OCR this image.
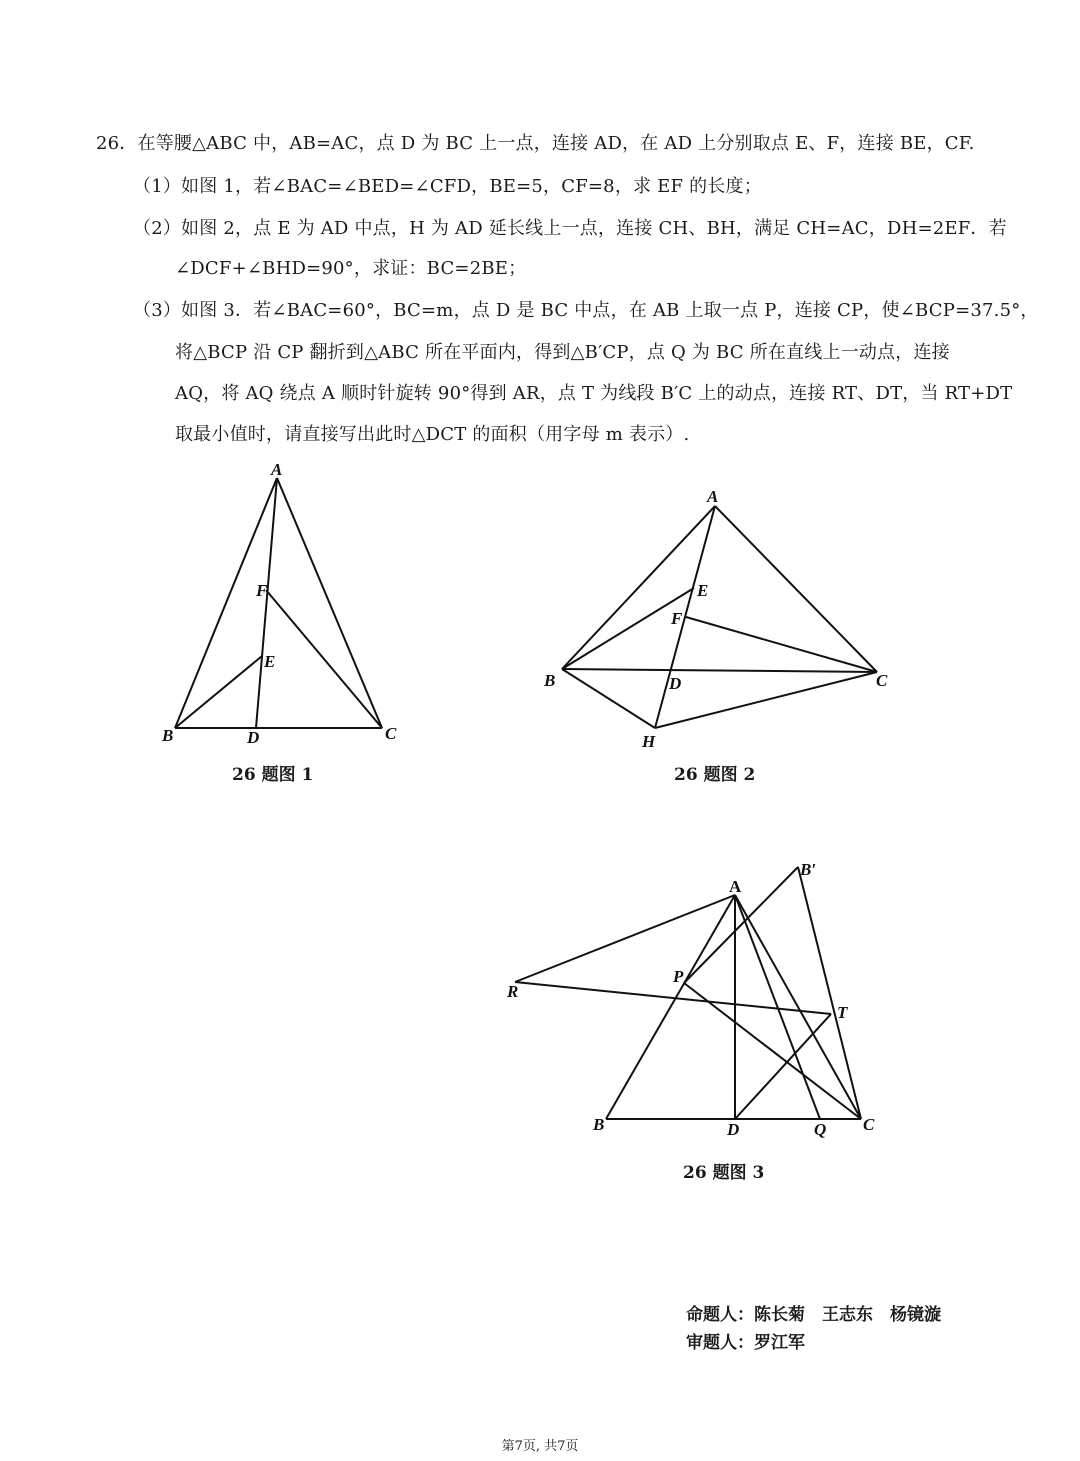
26．在等腰△ABC 中，AB=AC，点 D 为 BC 上一点，连接 AD，在 AD 上分别取点 E、F，连接 BE，CF.
（1）如图 1，若∠BAC=∠BED=∠CFD，BE=5，CF=8，求 EF 的长度；
（2）如图 2，点 E 为 AD 中点，H 为 AD 延长线上一点，连接 CH、BH，满足 CH=AC，DH=2EF．若
∠DCF+∠BHD=90°，求证：BC=2BE；
（3）如图 3．若∠BAC=60°，BC=m，点 D 是 BC 中点，在 AB 上取一点 P，连接 CP，使∠BCP=37.5°，
将△BCP 沿 CP 翻折到△ABC 所在平面内，得到△B′CP，点 Q 为 BC 所在直线上一动点，连接
AQ，将 AQ 绕点 A 顺时针旋转 90°得到 AR，点 T 为线段 B′C 上的动点，连接 RT、DT，当 RT+DT
取最小值时，请直接写出此时△DCT 的面积（用字母 m 表示）.
A
B	C
D
E
F
26 题图 1
A
B	C
D
E
F
H
26 题图 2
A
B	C
D
P
Q
R
T
B′
26 题图 3
命题人：陈长菊　王志东　杨镜漩
审题人：罗江军
第7页, 共7页
